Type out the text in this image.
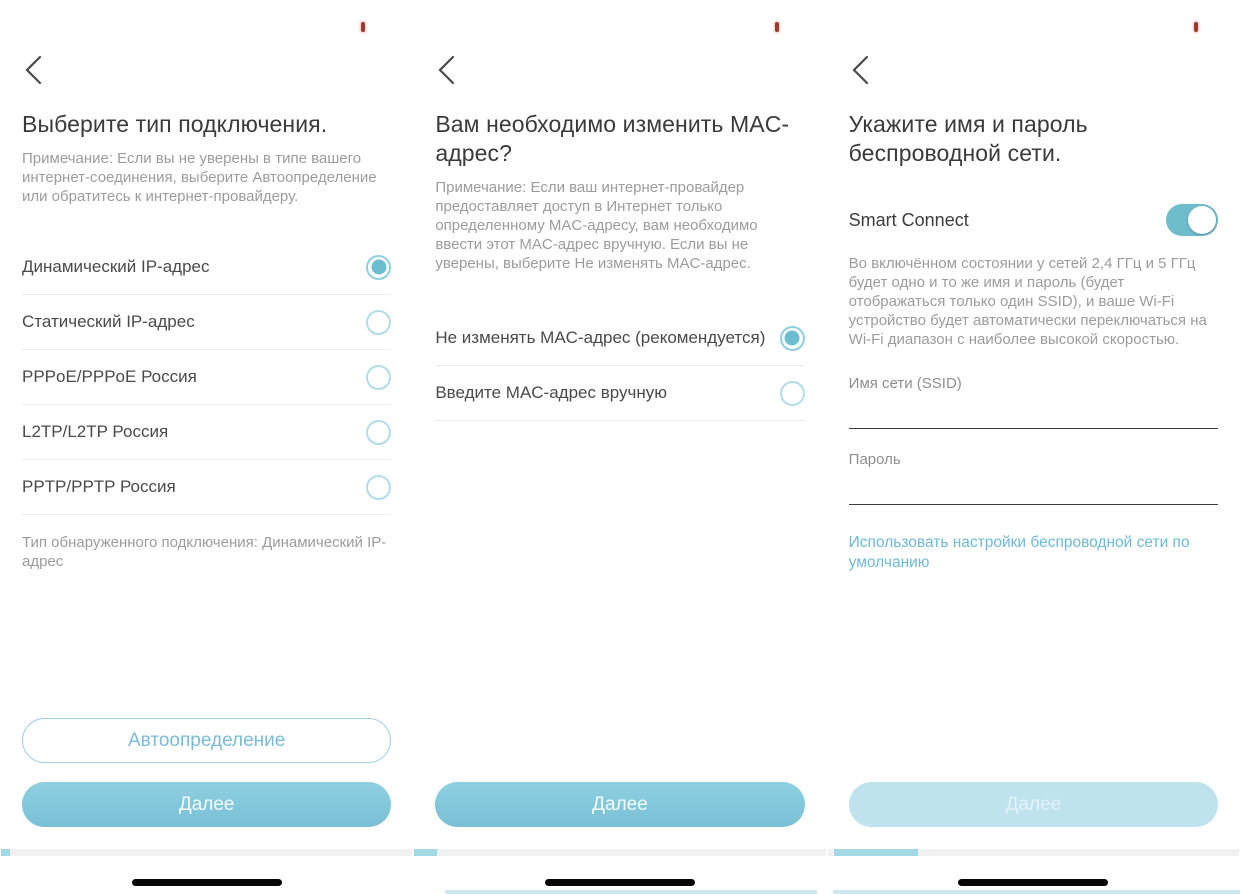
Выберите тип подключения.
Примечание: Если вы не уверены в типе вашего интернет-соединения, выберите Автоопределение или обратитесь к интернет-провайдеру.
Динамический IP-адрес
Статический IP-адрес
PPPoE/PPPoE Россия
L2TP/L2TP Россия
PPTP/PPTP Россия
Тип обнаруженного подключения: Динамический IP-адрес
Автоопределение
Далее
Вам необходимо изменить MAC-адрес?
Примечание: Если ваш интернет-провайдер предоставляет доступ в Интернет только определенному MAC-адресу, вам необходимо ввести этот MAC-адрес вручную. Если вы не уверены, выберите Не изменять MAC-адрес.
Не изменять MAC-адрес (рекомендуется)
Введите MAC-адрес вручную
Далее
Укажите имя и пароль беспроводной сети.
Smart Connect
Во включённом состоянии у сетей 2,4 ГГц и 5 ГГц будет одно и то же имя и пароль (будет отображаться только один SSID), и ваше Wi-Fi устройство будет автоматически переключаться на Wi-Fi диапазон с наиболее высокой скоростью.
Имя сети (SSID)
Пароль
Использовать настройки беспроводной сети по умолчанию
Далее
